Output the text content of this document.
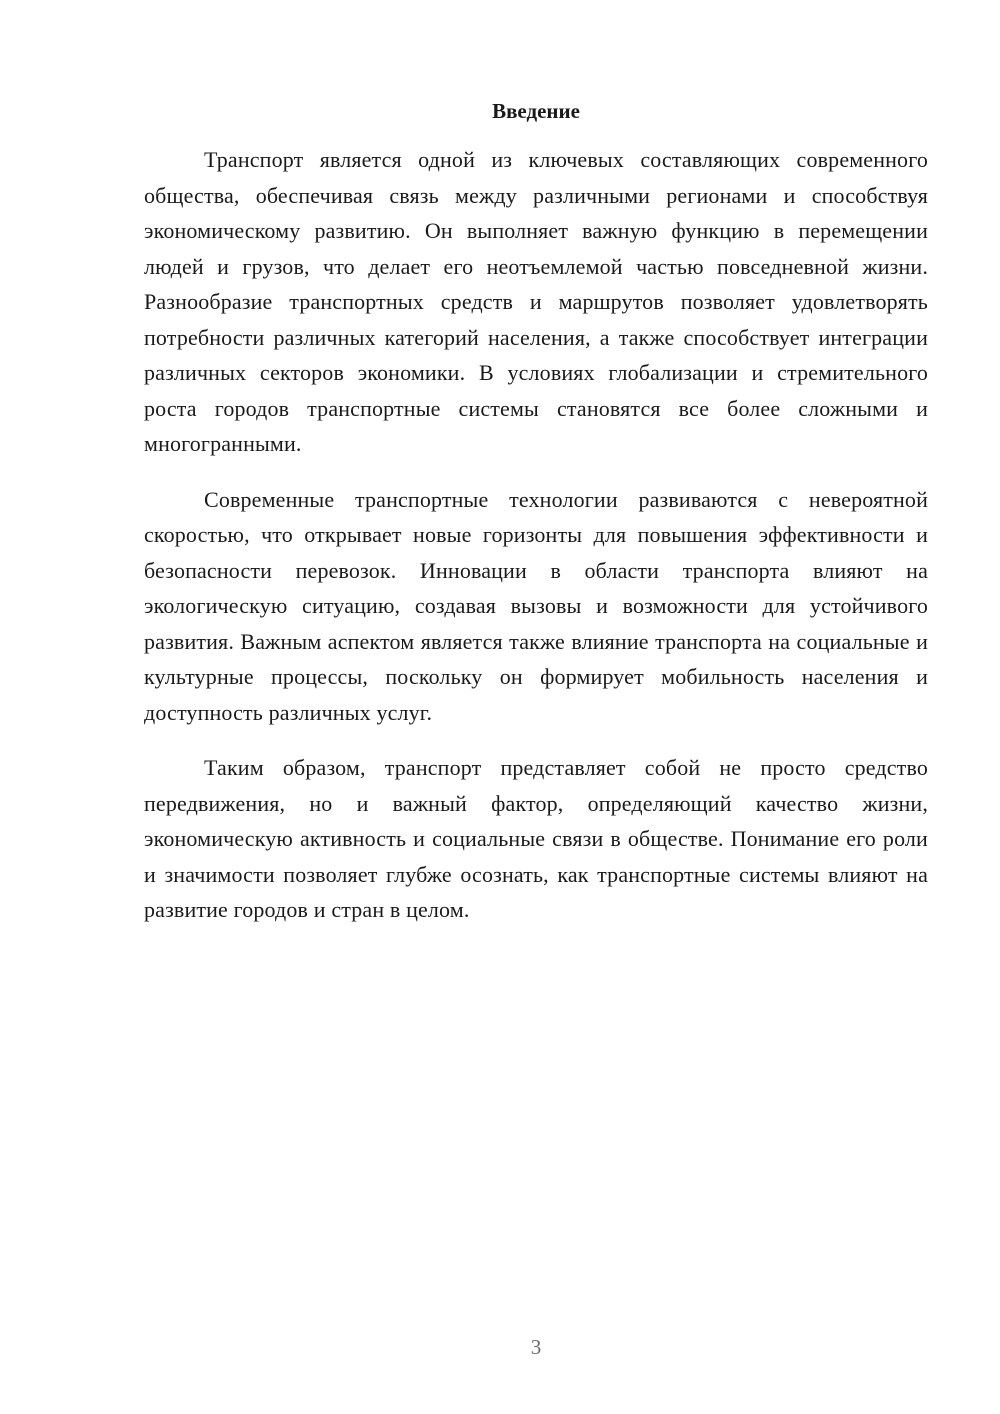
Введение

Транспорт является одной из ключевых составляющих современного общества, обеспечивая связь между различными регионами и способствуя экономическому развитию. Он выполняет важную функцию в перемещении людей и грузов, что делает его неотъемлемой частью повседневной жизни. Разнообразие транспортных средств и маршрутов позволяет удовлетворять потребности различных категорий населения, а также способствует интеграции различных секторов экономики. В условиях глобализации и стремительного роста городов транспортные системы становятся все более сложными и многогранными.

Современные транспортные технологии развиваются с невероятной скоростью, что открывает новые горизонты для повышения эффективности и безопасности перевозок. Инновации в области транспорта влияют на экологическую ситуацию, создавая вызовы и возможности для устойчивого развития. Важным аспектом является также влияние транспорта на социальные и культурные процессы, поскольку он формирует мобильность населения и доступность различных услуг.

Таким образом, транспорт представляет собой не просто средство передвижения, но и важный фактор, определяющий качество жизни, экономическую активность и социальные связи в обществе. Понимание его роли и значимости позволяет глубже осознать, как транспортные системы влияют на развитие городов и стран в целом.

3
